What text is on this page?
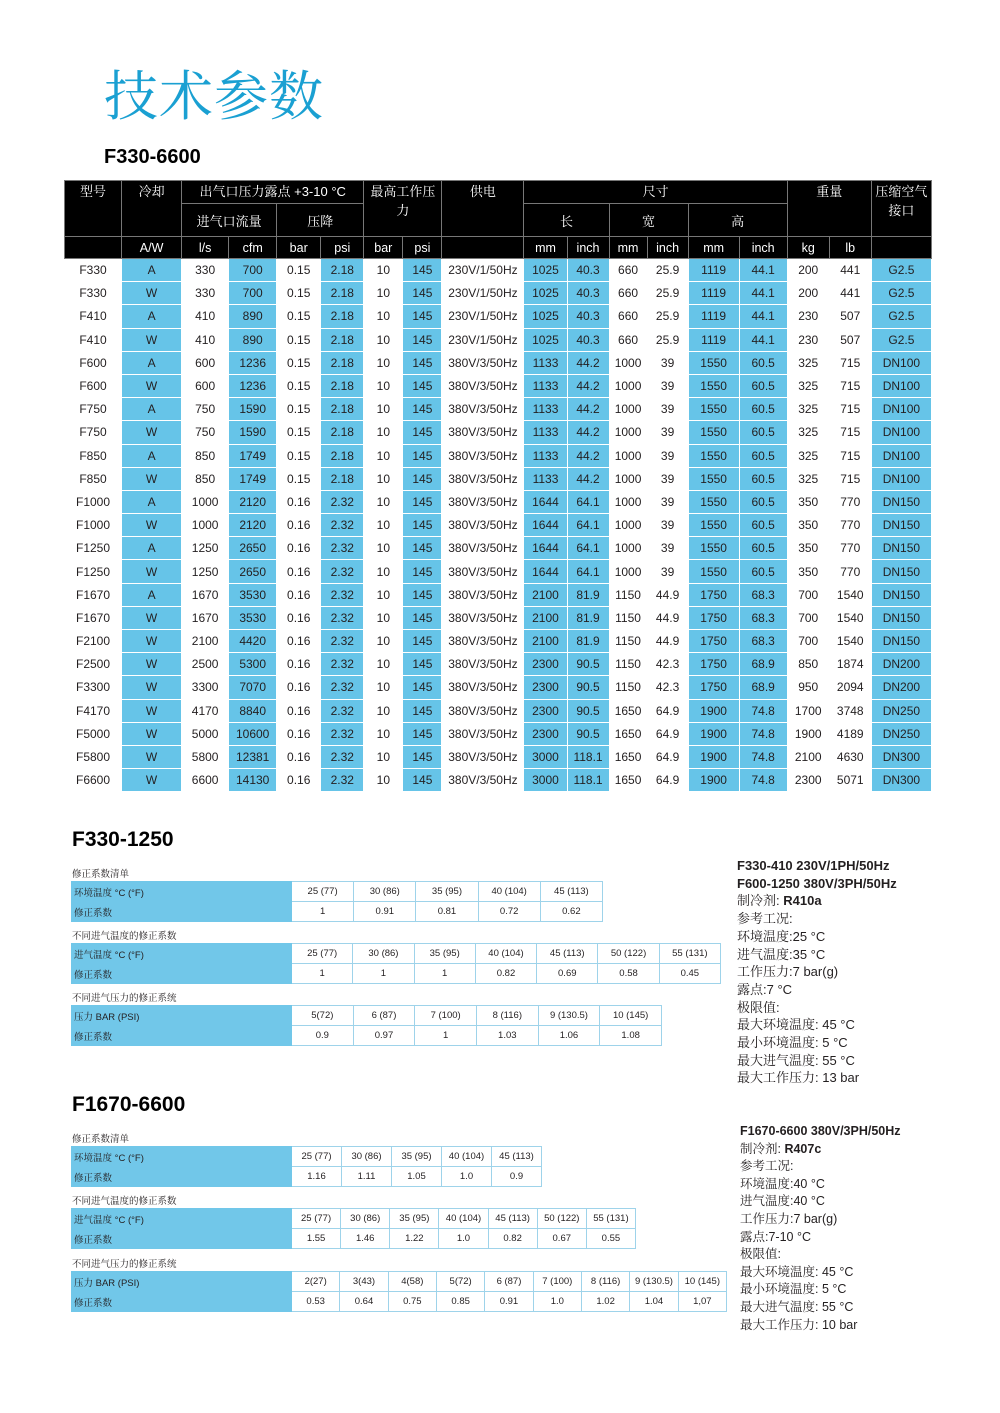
技术参数
F330-6600
型号	冷却	出气口压力露点 +3-10 °C				最高工作压力		供电	尺寸						重量		压缩空气接口
		进气口流量		压降					长		宽		高				
	A/W	l/s	cfm	bar	psi	bar	psi		mm	inch	mm	inch	mm	inch	kg	lb	
F330	A	330	700	0.15	2.18	10	145	230V/1/50Hz	1025	40.3	660	25.9	1119	44.1	200	441	G2.5
F330	W	330	700	0.15	2.18	10	145	230V/1/50Hz	1025	40.3	660	25.9	1119	44.1	200	441	G2.5
F410	A	410	890	0.15	2.18	10	145	230V/1/50Hz	1025	40.3	660	25.9	1119	44.1	230	507	G2.5
F410	W	410	890	0.15	2.18	10	145	230V/1/50Hz	1025	40.3	660	25.9	1119	44.1	230	507	G2.5
F600	A	600	1236	0.15	2.18	10	145	380V/3/50Hz	1133	44.2	1000	39	1550	60.5	325	715	DN100
F600	W	600	1236	0.15	2.18	10	145	380V/3/50Hz	1133	44.2	1000	39	1550	60.5	325	715	DN100
F750	A	750	1590	0.15	2.18	10	145	380V/3/50Hz	1133	44.2	1000	39	1550	60.5	325	715	DN100
F750	W	750	1590	0.15	2.18	10	145	380V/3/50Hz	1133	44.2	1000	39	1550	60.5	325	715	DN100
F850	A	850	1749	0.15	2.18	10	145	380V/3/50Hz	1133	44.2	1000	39	1550	60.5	325	715	DN100
F850	W	850	1749	0.15	2.18	10	145	380V/3/50Hz	1133	44.2	1000	39	1550	60.5	325	715	DN100
F1000	A	1000	2120	0.16	2.32	10	145	380V/3/50Hz	1644	64.1	1000	39	1550	60.5	350	770	DN150
F1000	W	1000	2120	0.16	2.32	10	145	380V/3/50Hz	1644	64.1	1000	39	1550	60.5	350	770	DN150
F1250	A	1250	2650	0.16	2.32	10	145	380V/3/50Hz	1644	64.1	1000	39	1550	60.5	350	770	DN150
F1250	W	1250	2650	0.16	2.32	10	145	380V/3/50Hz	1644	64.1	1000	39	1550	60.5	350	770	DN150
F1670	A	1670	3530	0.16	2.32	10	145	380V/3/50Hz	2100	81.9	1150	44.9	1750	68.3	700	1540	DN150
F1670	W	1670	3530	0.16	2.32	10	145	380V/3/50Hz	2100	81.9	1150	44.9	1750	68.3	700	1540	DN150
F2100	W	2100	4420	0.16	2.32	10	145	380V/3/50Hz	2100	81.9	1150	44.9	1750	68.3	700	1540	DN150
F2500	W	2500	5300	0.16	2.32	10	145	380V/3/50Hz	2300	90.5	1150	42.3	1750	68.9	850	1874	DN200
F3300	W	3300	7070	0.16	2.32	10	145	380V/3/50Hz	2300	90.5	1150	42.3	1750	68.9	950	2094	DN200
F4170	W	4170	8840	0.16	2.32	10	145	380V/3/50Hz	2300	90.5	1650	64.9	1900	74.8	1700	3748	DN250
F5000	W	5000	10600	0.16	2.32	10	145	380V/3/50Hz	2300	90.5	1650	64.9	1900	74.8	1900	4189	DN250
F5800	W	5800	12381	0.16	2.32	10	145	380V/3/50Hz	3000	118.1	1650	64.9	1900	74.8	2100	4630	DN300
F6600	W	6600	14130	0.16	2.32	10	145	380V/3/50Hz	3000	118.1	1650	64.9	1900	74.8	2300	5071	DN300
F330-1250
修正系数清单
环境温度 °C (°F)	25 (77)	30 (86)	35 (95)	40 (104)	45 (113)
修正系数	1	0.91	0.81	0.72	0.62
不同进气温度的修正系数
进气温度 °C (°F)	25 (77)	30 (86)	35 (95)	40 (104)	45 (113)	50 (122)	55 (131)
修正系数	1	1	1	0.82	0.69	0.58	0.45
不同进气压力的修正系统
压力 BAR (PSI)	5(72)	6 (87)	7 (100)	8 (116)	9 (130.5)	10 (145)
修正系数	0.9	0.97	1	1.03	1.06	1.08
F330-410 230V/1PH/50Hz
F600-1250 380V/3PH/50Hz
制冷剂: R410a
参考工况:
环境温度:25 °C
进气温度:35 °C
工作压力:7 bar(g)
露点:7 °C
极限值:
最大环境温度: 45 °C
最小环境温度: 5 °C
最大进气温度: 55 °C
最大工作压力: 13 bar
F1670-6600
修正系数清单
环境温度 °C (°F)	25 (77)	30 (86)	35 (95)	40 (104)	45 (113)
修正系数	1.16	1.11	1.05	1.0	0.9
不同进气温度的修正系数
进气温度 °C (°F)	25 (77)	30 (86)	35 (95)	40 (104)	45 (113)	50 (122)	55 (131)
修正系数	1.55	1.46	1.22	1.0	0.82	0.67	0.55
不同进气压力的修正系统
压力 BAR (PSI)	2(27)	3(43)	4(58)	5(72)	6 (87)	7 (100)	8 (116)	9 (130.5)	10 (145)
修正系数	0.53	0.64	0.75	0.85	0.91	1.0	1.02	1.04	1,07
F1670-6600 380V/3PH/50Hz
制冷剂: R407c
参考工况:
环境温度:40 °C
进气温度:40 °C
工作压力:7 bar(g)
露点:7-10 °C
极限值:
最大环境温度: 45 °C
最小环境温度: 5 °C
最大进气温度: 55 °C
最大工作压力: 10 bar
